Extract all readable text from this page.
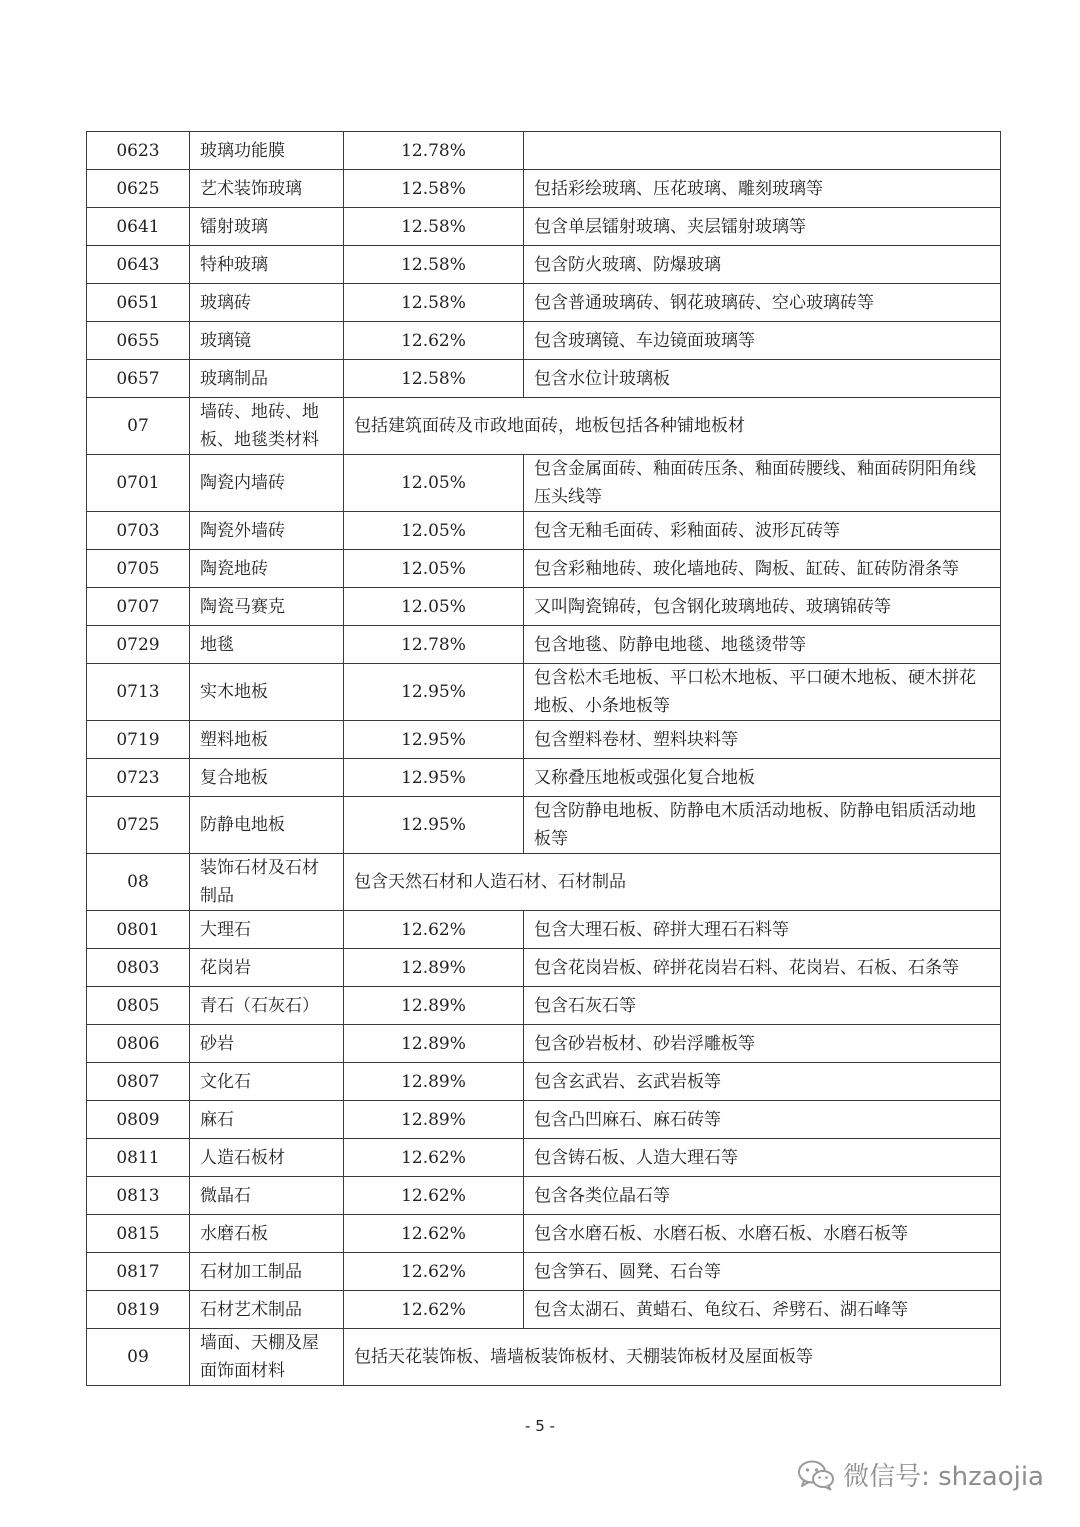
0623	玻璃功能膜	12.78%	
0625	艺术装饰玻璃	12.58%	包括彩绘玻璃、压花玻璃、雕刻玻璃等
0641	镭射玻璃	12.58%	包含单层镭射玻璃、夹层镭射玻璃等
0643	特种玻璃	12.58%	包含防火玻璃、防爆玻璃
0651	玻璃砖	12.58%	包含普通玻璃砖、钢花玻璃砖、空心玻璃砖等
0655	玻璃镜	12.62%	包含玻璃镜、车边镜面玻璃等
0657	玻璃制品	12.58%	包含水位计玻璃板
07	墙砖、地砖、地板、地毯类材料	包括建筑面砖及市政地面砖，地板包括各种铺地板材	
0701	陶瓷内墙砖	12.05%	包含金属面砖、釉面砖压条、釉面砖腰线、釉面砖阴阳角线压头线等
0703	陶瓷外墙砖	12.05%	包含无釉毛面砖、彩釉面砖、波形瓦砖等
0705	陶瓷地砖	12.05%	包含彩釉地砖、玻化墙地砖、陶板、缸砖、缸砖防滑条等
0707	陶瓷马赛克	12.05%	又叫陶瓷锦砖，包含钢化玻璃地砖、玻璃锦砖等
0729	地毯	12.78%	包含地毯、防静电地毯、地毯烫带等
0713	实木地板	12.95%	包含松木毛地板、平口松木地板、平口硬木地板、硬木拼花地板、小条地板等
0719	塑料地板	12.95%	包含塑料卷材、塑料块料等
0723	复合地板	12.95%	又称叠压地板或强化复合地板
0725	防静电地板	12.95%	包含防静电地板、防静电木质活动地板、防静电铝质活动地板等
08	装饰石材及石材制品	包含天然石材和人造石材、石材制品	
0801	大理石	12.62%	包含大理石板、碎拼大理石石料等
0803	花岗岩	12.89%	包含花岗岩板、碎拼花岗岩石料、花岗岩、石板、石条等
0805	青石（石灰石）	12.89%	包含石灰石等
0806	砂岩	12.89%	包含砂岩板材、砂岩浮雕板等
0807	文化石	12.89%	包含玄武岩、玄武岩板等
0809	麻石	12.89%	包含凸凹麻石、麻石砖等
0811	人造石板材	12.62%	包含铸石板、人造大理石等
0813	微晶石	12.62%	包含各类位晶石等
0815	水磨石板	12.62%	包含水磨石板、水磨石板、水磨石板、水磨石板等
0817	石材加工制品	12.62%	包含笋石、圆凳、石台等
0819	石材艺术制品	12.62%	包含太湖石、黄蜡石、龟纹石、斧劈石、湖石峰等
09	墙面、天棚及屋面饰面材料	包括天花装饰板、墙墙板装饰板材、天棚装饰板材及屋面板等	
- 5 -
微信号: shzaojia
